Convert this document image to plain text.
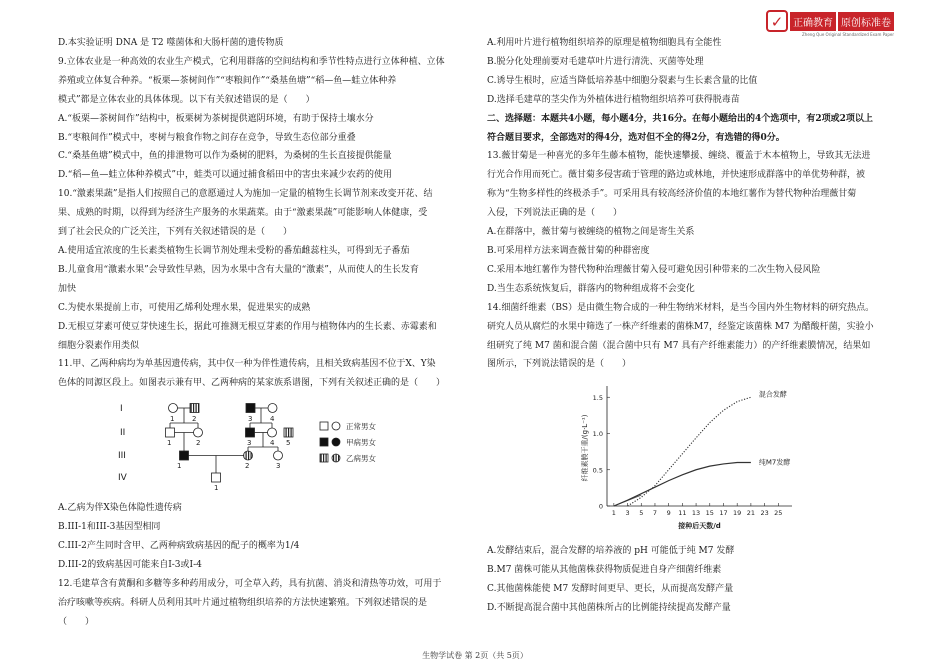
✓ 正确教育 原创标准卷
Zheng Que Original Standardized Exam Paper

D.本实验证明 DNA 是 T2 噬菌体和大肠杆菌的遗传物质

9.立体农业是一种高效的农业生产模式，它利用群落的空间结构和季节性特点进行立体种植、立体

养殖或立体复合种养。“板栗—茶树间作”“枣粮间作”“桑基鱼塘”“稻—鱼—蛙立体种养

模式”都是立体农业的具体体现。以下有关叙述错误的是（　　）

A.“板栗—茶树间作”结构中，板栗树为茶树提供遮阴环境，有助于保持土壤水分

B.“枣粮间作”模式中，枣树与粮食作物之间存在竞争，导致生态位部分重叠

C.“桑基鱼塘”模式中，鱼的排泄物可以作为桑树的肥料，为桑树的生长直接提供能量

D.“稻—鱼—蛙立体种养模式”中，蛙类可以通过捕食稻田中的害虫来减少农药的使用

10.“激素果蔬”是指人们按照自己的意愿通过人为施加一定量的植物生长调节剂来改变开花、结

果、成熟的时期，以得到为经济生产服务的水果蔬菜。由于“激素果蔬”可能影响人体健康，受

到了社会民众的广泛关注，下列有关叙述错误的是（　　）

A.使用适宜浓度的生长素类植物生长调节剂处理未受粉的番茄雌蕊柱头，可得到无子番茄

B.儿童食用“激素水果”会导致性早熟，因为水果中含有大量的“激素”，从而使人的生长发育

加快

C.为使水果提前上市，可使用乙烯利处理水果，促进果实的成熟

D.无根豆芽素可使豆芽快速生长，据此可推测无根豆芽素的作用与植物体内的生长素、赤霉素和

细胞分裂素作用类似

11.甲、乙两种病均为单基因遗传病，其中仅一种为伴性遗传病，且相关致病基因不位于X、Y染

色体的同源区段上。如图表示兼有甲、乙两种病的某家族系谱图，下列有关叙述正确的是（　　）

A.乙病为伴X染色体隐性遗传病

B.III-1和III-3基因型相同

C.III-2产生同时含甲、乙两种病致病基因的配子的概率为1/4

D.III-2的致病基因可能来自I-3或I-4

12.毛建草含有黄酮和多糖等多种药用成分，可全草入药，具有抗菌、消炎和清热等功效，可用于

治疗咳嗽等疾病。科研人员利用其叶片通过植物组织培养的方法快速繁殖。下列叙述错误的是

（　　）

I
II
III
IV
1	2	3	4
1	2	3	4 5
1	2	3
1
正常男女
甲病男女
乙病男女

A.利用叶片进行植物组织培养的原理是植物细胞具有全能性

B.脱分化处理前要对毛建草叶片进行清洗、灭菌等处理

C.诱导生根时，应适当降低培养基中细胞分裂素与生长素含量的比值

D.选择毛建草的茎尖作为外植体进行植物组织培养可获得脱毒苗

二、选择题：本题共4小题，每小题4分，共16分。在每小题给出的4个选项中，有2项或2项以上

符合题目要求，全部选对的得4分，选对但不全的得2分，有选错的得0分。

13.薇甘菊是一种喜光的多年生藤本植物，能快速攀援、缠绕、覆盖于木本植物上，导致其无法进

行光合作用而死亡。薇甘菊多侵害疏于管理的路边或林地，并快速形成群落中的单优势种群，被

称为“生物多样性的终极杀手”。可采用具有较高经济价值的本地红薯作为替代物种治理薇甘菊

入侵，下列说法正确的是（　　）

A.在群落中，薇甘菊与被缠绕的植物之间是寄生关系

B.可采用样方法来调查薇甘菊的种群密度

C.采用本地红薯作为替代物种治理薇甘菊入侵可避免因引种带来的二次生物入侵风险

D.当生态系统恢复后，群落内的物种组成将不会变化

14.细菌纤维素（BS）是由微生物合成的一种生物纳米材料，是当今国内外生物材料的研究热点。

研究人员从腐烂的水果中筛选了一株产纤维素的菌株M7，经鉴定该菌株 M7 为醋酸杆菌，实验小

组研究了纯 M7 菌和混合菌（混合菌中只有 M7 具有产纤维素能力）的产纤维素膜情况，结果如

图所示，下列说法错误的是（　　）

A.发酵结束后，混合发酵的培养液的 pH 可能低于纯 M7 发酵

B.M7 菌株可能从其他菌株获得物质促进自身产细菌纤维素

C.其他菌株能使 M7 发酵时间更早、更长，从而提高发酵产量

D.不断提高混合菌中其他菌株所占的比例能持续提高发酵产量

1 3 5 7 9 11 13 15 17 19 21 23 25
0
0.5
1.0
1.5
接种后天数/d
纤维素膜干重/(g·L⁻¹)
混合发酵
纯M7发酵
生物学试卷 第 2页（共 5页）
